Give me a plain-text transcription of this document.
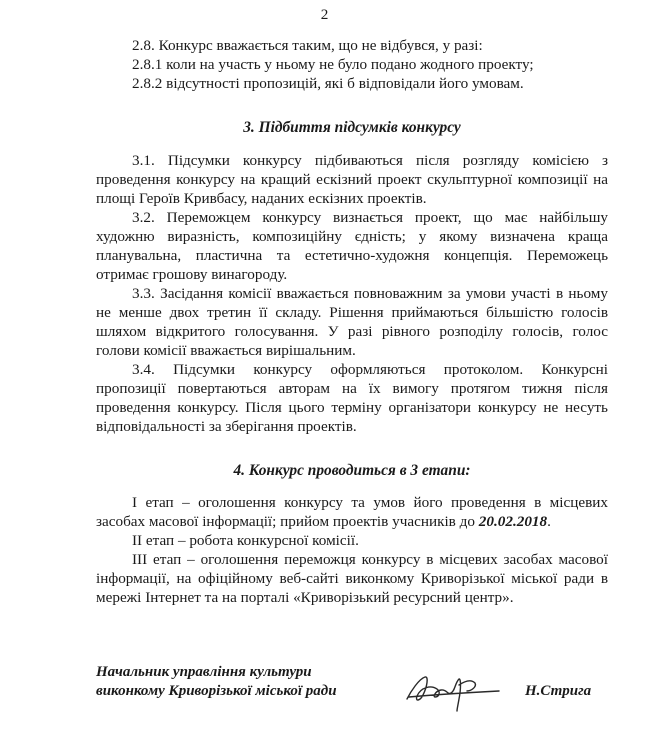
2

2.8. Конкурс вважається таким, що не відбувся, у разі:

2.8.1 коли на участь у ньому не було подано жодного проекту;

2.8.2 відсутності пропозицій, які б відповідали його умовам.

3. Підбиття підсумків конкурсу

3.1. Підсумки конкурсу підбиваються після розгляду комісією з проведення конкурсу на кращий ескізний проект скульптурної композиції на площі Героїв Кривбасу, наданих ескізних проектів.

3.2. Переможцем конкурсу визнається проект, що має найбільшу художню виразність, композиційну єдність; у якому визначена краща планувальна, пластична та естетично-художня концепція. Переможець отримає грошову винагороду.

3.3. Засідання комісії вважається повноважним за умови участі в ньому не менше двох третин її складу. Рішення приймаються більшістю голосів шляхом відкритого голосування. У разі рівного розподілу голосів, голос голови комісії вважається вирішальним.

3.4. Підсумки конкурсу оформляються протоколом. Конкурсні пропозиції повертаються авторам на їх вимогу протягом тижня після проведення конкурсу. Після цього терміну організатори конкурсу не несуть відповідальності за зберігання проектів.

4. Конкурс проводиться в 3 етапи:

І етап – оголошення конкурсу та умов його проведення в місцевих засобах масової інформації; прийом проектів учасників до 20.02.2018.

ІІ етап – робота конкурсної комісії.

ІІІ етап – оголошення переможця конкурсу в місцевих засобах масової інформації, на офіційному веб-сайті виконкому Криворізької міської ради в мережі Інтернет та на порталі «Криворізький ресурсний центр».

Начальник управління культури
виконкому Криворізької міської ради	Н.Стрига
